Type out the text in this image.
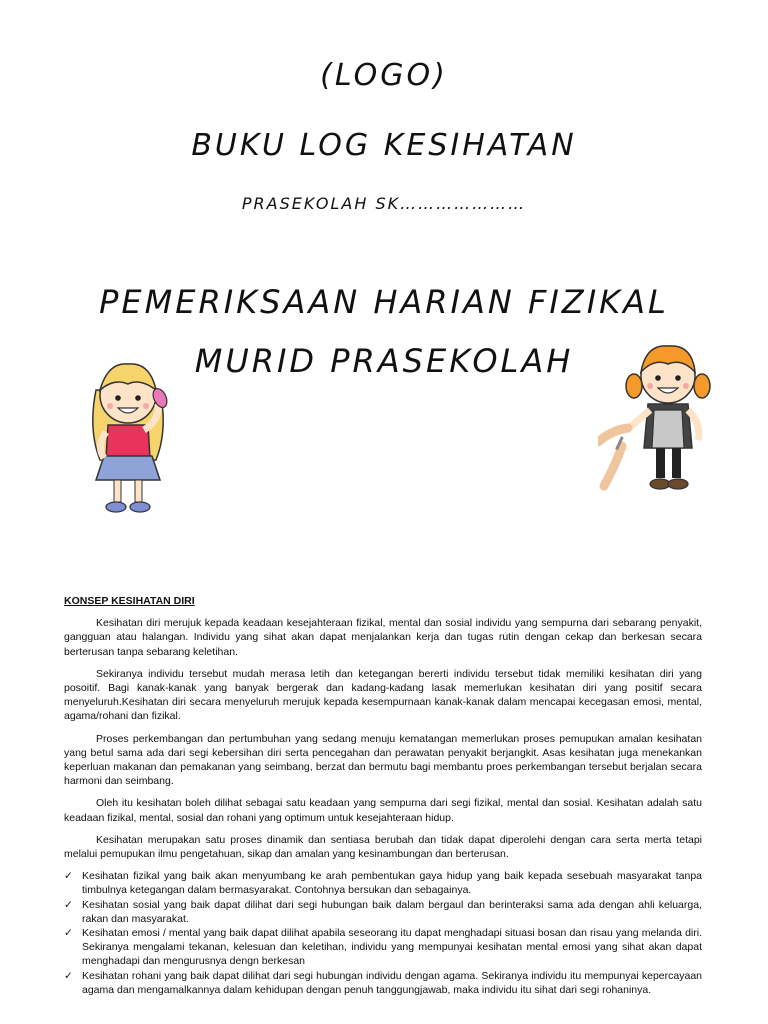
(LOGO)
BUKU LOG KESIHATAN
PRASEKOLAH SK…………………
PEMERIKSAAN HARIAN FIZIKAL
MURID PRASEKOLAH
KONSEP KESIHATAN DIRI

Kesihatan diri merujuk kepada keadaan kesejahteraan fizikal, mental dan sosial individu yang sempurna dari sebarang penyakit, gangguan atau halangan. Individu yang sihat akan dapat menjalankan kerja dan tugas rutin dengan cekap dan berkesan secara berterusan tanpa sebarang keletihan.

Sekiranya individu tersebut mudah merasa letih dan ketegangan bererti individu tersebut tidak memiliki kesihatan diri yang posoitif. Bagi kanak-kanak yang banyak bergerak dan kadang-kadang lasak memerlukan kesihatan diri yang positif secara menyeluruh.Kesihatan diri secara menyeluruh merujuk kepada kesempurnaan kanak-kanak dalam mencapai kecegasan emosi, mental, agama/rohani dan fizikal.

Proses perkembangan dan pertumbuhan yang sedang menuju kematangan memerlukan proses pemupukan amalan kesihatan yang betul sama ada dari segi kebersihan diri serta pencegahan dan perawatan penyakit berjangkit. Asas kesihatan juga menekankan keperluan makanan dan pemakanan yang seimbang, berzat dan bermutu bagi membantu proes perkembangan tersebut berjalan secara harmoni dan seimbang.

Oleh itu kesihatan boleh dilihat sebagai satu keadaan yang sempurna dari segi fizikal, mental dan sosial. Kesihatan adalah satu keadaan fizikal, mental, sosial dan rohani yang optimum untuk kesejahteraan hidup.

Kesihatan merupakan satu proses dinamik dan sentiasa berubah dan tidak dapat diperolehi dengan cara serta merta tetapi melalui pemupukan ilmu pengetahuan, sikap dan amalan yang kesinambungan dan berterusan.

✓ Kesihatan fizikal yang baik akan menyumbang ke arah pembentukan gaya hidup yang baik kepada sesebuah masyarakat tanpa timbulnya ketegangan dalam bermasyarakat. Contohnya bersukan dan sebagainya.
✓ Kesihatan sosial yang baik dapat dilihat dari segi hubungan baik dalam bergaul dan berinteraksi sama ada dengan ahli keluarga, rakan dan masyarakat.
✓ Kesihatan emosi / mental yang baik dapat dilihat apabila seseorang itu dapat menghadapi situasi bosan dan risau yang melanda diri. Sekiranya mengalami tekanan, kelesuan dan keletihan, individu yang mempunyai kesihatan mental emosi yang sihat akan dapat menghadapi dan mengurusnya dengn berkesan
✓ Kesihatan rohani yang baik dapat dilihat dari segi hubungan individu dengan agama. Sekiranya individu itu mempunyai kepercayaan agama dan mengamalkannya dalam kehidupan dengan penuh tanggungjawab, maka individu itu sihat dari segi rohaninya.
